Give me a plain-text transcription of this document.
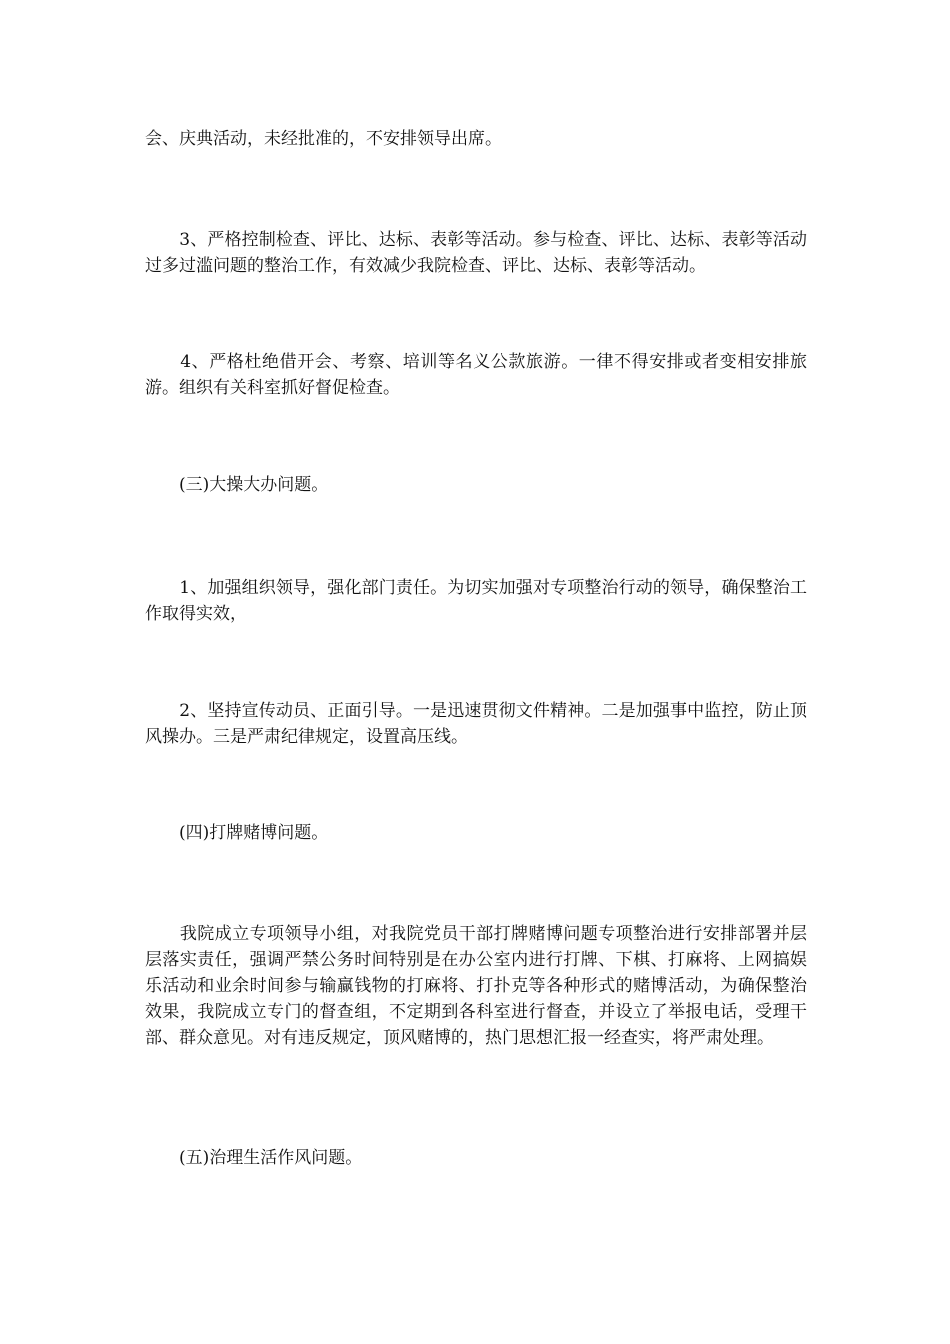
会、庆典活动，未经批准的，不安排领导出席。

　　3、严格控制检查、评比、达标、表彰等活动。参与检查、评比、达标、表彰等活动过多过滥问题的整治工作，有效减少我院检查、评比、达标、表彰等活动。

　　4、严格杜绝借开会、考察、培训等名义公款旅游。一律不得安排或者变相安排旅游。组织有关科室抓好督促检查。

　　(三)大操大办问题。

　　1、加强组织领导，强化部门责任。为切实加强对专项整治行动的领导，确保整治工作取得实效，

　　2、坚持宣传动员、正面引导。一是迅速贯彻文件精神。二是加强事中监控，防止顶风操办。三是严肃纪律规定，设置高压线。

　　(四)打牌赌博问题。

　　我院成立专项领导小组，对我院党员干部打牌赌博问题专项整治进行安排部署并层层落实责任，强调严禁公务时间特别是在办公室内进行打牌、下棋、打麻将、上网搞娱乐活动和业余时间参与输赢钱物的打麻将、打扑克等各种形式的赌博活动，为确保整治效果，我院成立专门的督查组，不定期到各科室进行督查，并设立了举报电话，受理干部、群众意见。对有违反规定，顶风赌博的，热门思想汇报一经查实，将严肃处理。

　　(五)治理生活作风问题。
